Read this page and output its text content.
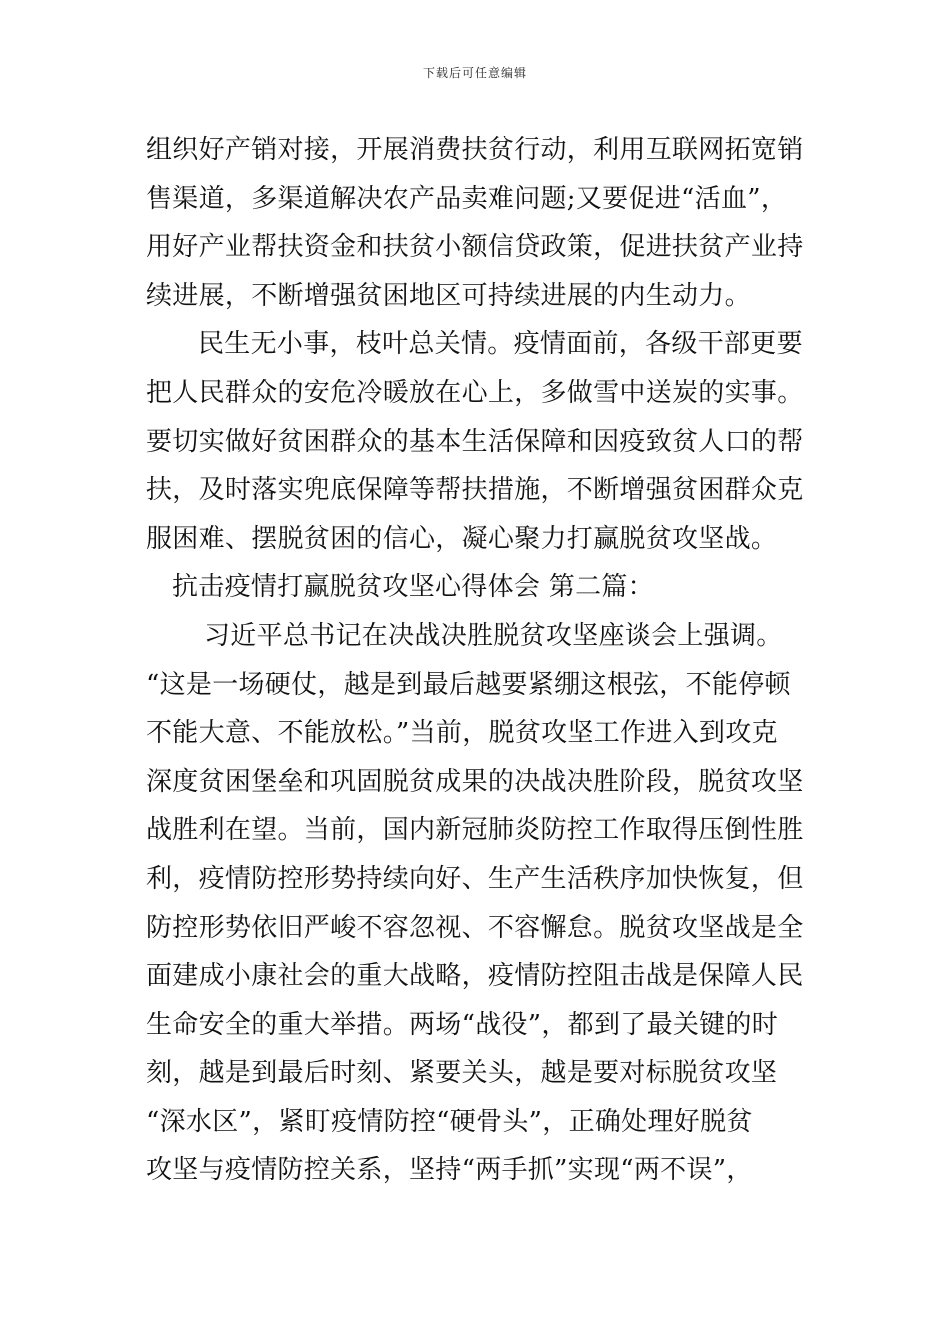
下载后可任意编辑
组织好产销对接，开展消费扶贫行动，利用互联网拓宽销
售渠道，多渠道解决农产品卖难问题;又要促进“活血”，
用好产业帮扶资金和扶贫小额信贷政策，促进扶贫产业持
续进展，不断增强贫困地区可持续进展的内生动力。
民生无小事，枝叶总关情。疫情面前，各级干部更要
把人民群众的安危冷暖放在心上，多做雪中送炭的实事。
要切实做好贫困群众的基本生活保障和因疫致贫人口的帮
扶，及时落实兜底保障等帮扶措施，不断增强贫困群众克
服困难、摆脱贫困的信心，凝心聚力打赢脱贫攻坚战。
抗击疫情打赢脱贫攻坚心得体会 第二篇：
习近平总书记在决战决胜脱贫攻坚座谈会上强调。
“这是一场硬仗，越是到最后越要紧绷这根弦，不能停顿
不能大意、不能放松。”当前，脱贫攻坚工作进入到攻克
深度贫困堡垒和巩固脱贫成果的决战决胜阶段，脱贫攻坚
战胜利在望。当前，国内新冠肺炎防控工作取得压倒性胜
利，疫情防控形势持续向好、生产生活秩序加快恢复，但
防控形势依旧严峻不容忽视、不容懈怠。脱贫攻坚战是全
面建成小康社会的重大战略，疫情防控阻击战是保障人民
生命安全的重大举措。两场“战役”，都到了最关键的时
刻，越是到最后时刻、紧要关头，越是要对标脱贫攻坚
“深水区”，紧盯疫情防控“硬骨头”，正确处理好脱贫
攻坚与疫情防控关系，坚持“两手抓”实现“两不误”，
